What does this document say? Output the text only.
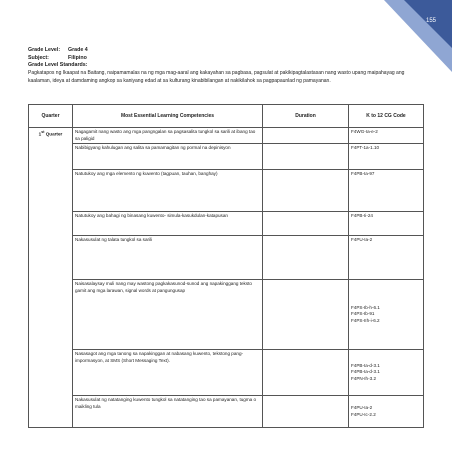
155
Grade Level:	Grade 4
Subject:	Filipino
Grade Level Standards:
Pagkatapos ng Ikaapat na Baitang, naipamamalas na ng mga mag-aaral ang kakayahan sa pagbasa, pagsulat at pakikipagtalastasan nang wasto upang maipahayag ang kaalaman, ideya at damdaming angkop sa kaniyang edad at sa kulturang kinabibilangan at nakikilahok sa pagpapaunlad ng pamayanan.
Quarter	Most Essential Learning Competencies	Duration	K to 12 CG Code
1st Quarter	Nagagamit nang wasto ang mga pangngalan sa pagsasalita tungkol sa sarili at ibang tao sa paligid		F4WG-Ia-e-2

	Nabibigyang kahulugan ang salita sa pamamagitan ng pormal na depinisyon		F4PT-1a-1.10

	Natutukoy ang mga elemento ng kuwento (tagpuan, tauhan, banghay)		F4PB-Ia-97

	Natutukoy ang bahagi ng binasang kuwento- simula-kasukdulan-katapusan		F4PB-Ii-24

	Nakasusulat ng talata tungkol sa sarili		F4PU-Ia-2

	Naisasalaysay muli nang may wastong pagkakasunod-sunod ang napakinggang teksto gamit ang mga larawan, signal words at pangungusap		F4PS-Ib-h-6.1
F4PS-Ib-91
F4PS-IIh-i-6.2

	Nasasagot ang mga tanong sa napakinggan at nabasang kuwento, tekstong pang-impormasyon, at SMS (Short Messaging Text).		F4PB-Ia-d-3.1
F4PB-Ia-d-3.1
F4PN-Ih-3.2

	Nakasusulat ng natatanging kuwento tungkol sa natatanging tao sa pamayanan, tugma o maikling tula		F4PU-Ia-2
F4PU-Ic-2.2
